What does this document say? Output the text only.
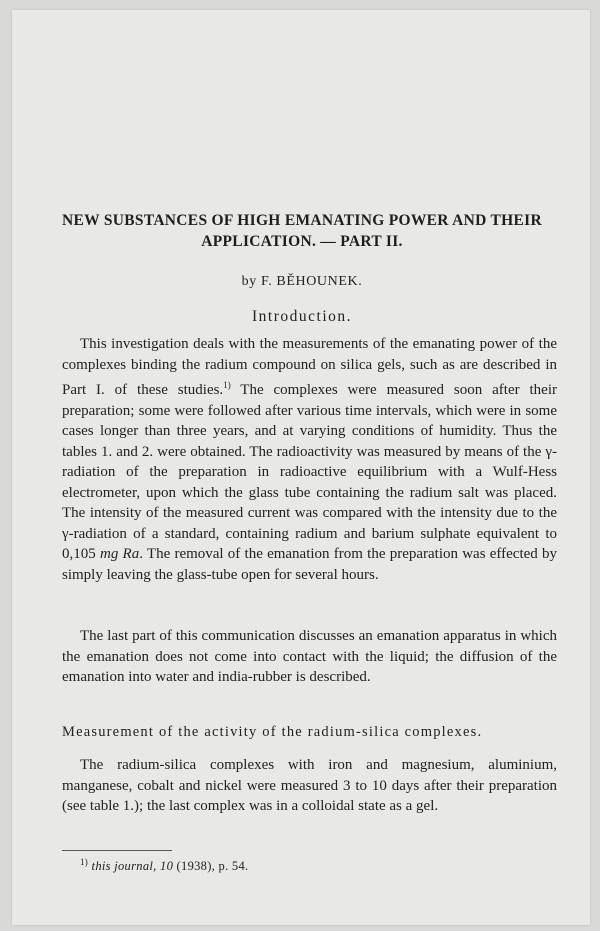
NEW SUBSTANCES OF HIGH EMANATING POWER AND THEIR APPLICATION. — PART II.
by F. BĚHOUNEK.
Introduction.

This investigation deals with the measurements of the emanating power of the complexes binding the radium compound on silica gels, such as are described in Part I. of these studies.$^{1)}$ The complexes were measured soon after their preparation; some were followed after various time intervals, which were in some cases longer than three years, and at varying conditions of humidity. Thus the tables 1. and 2. were obtained. The radioactivity was measured by means of the γ-radiation of the preparation in radioactive equilibrium with a Wulf-Hess electrometer, upon which the glass tube containing the radium salt was placed. The intensity of the measured current was compared with the intensity due to the γ-radiation of a standard, containing radium and barium sulphate equivalent to 0,105 mg Ra. The removal of the emanation from the preparation was effected by simply leaving the glass-tube open for several hours.

The last part of this communication discusses an emanation apparatus in which the emanation does not come into contact with the liquid; the diffusion of the emanation into water and india-rubber is described.

Measurement of the activity of the radium-silica complexes.

The radium-silica complexes with iron and magnesium, aluminium, manganese, cobalt and nickel were measured 3 to 10 days after their preparation (see table 1.); the last complex was in a colloidal state as a gel.

$^{1)}$ this journal, 10 (1938), p. 54.
